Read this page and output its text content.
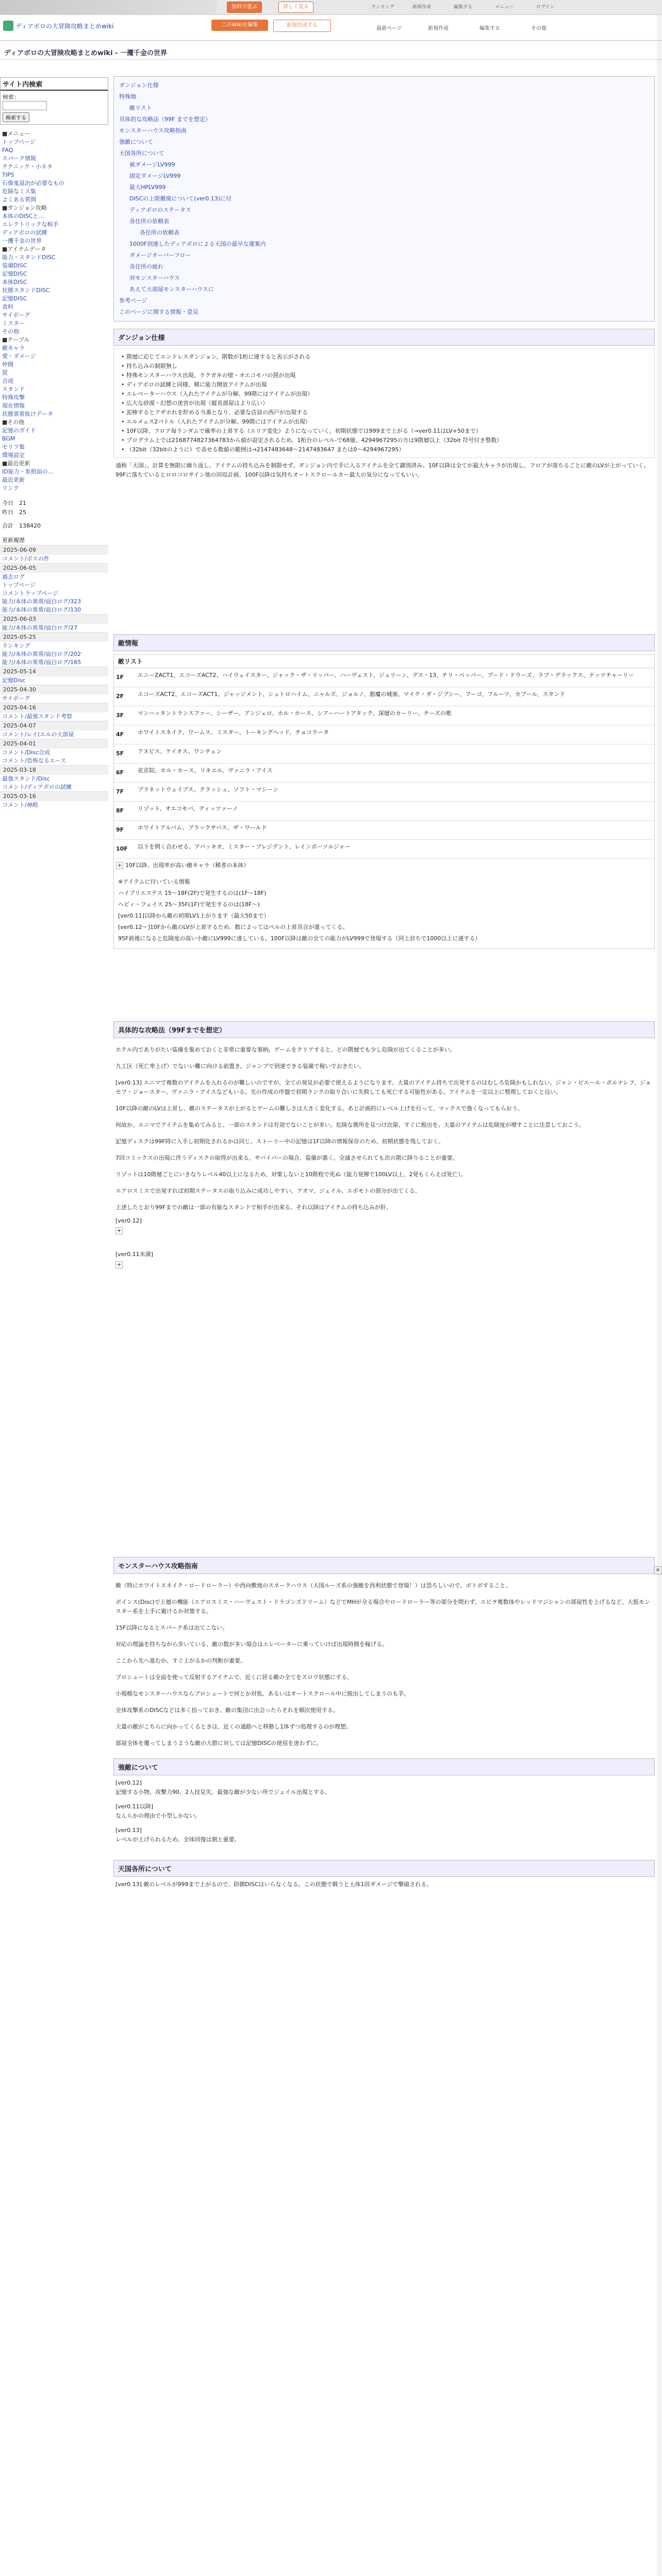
無料で遊ぶ	詳しく見る	ランキング	新規作成	編集する	メニュー	ログイン
ディアボロの大冒険攻略まとめwiki	このWikiを編集	新規作成する
最新ページ	新規作成	編集する	その他
ディアボロの大冒険攻略まとめwiki - 一攫千金の世界
サイト内検索
検索：
検索する
■メニュー
トップページ
FAQ
スパーク情報
テクニック・小ネタ
TIPS
石像鬼退治が必要なもの
危険なミス集
よくある質問
■ダンジョン攻略
本体のDISCと…
エレクトリックな相手
ディアボロの試練
一攫千金の世界
■アイテムデータ
能力・スタンドDISC
装備DISC
記憶DISC
本体DISC
状態スタンドDISC
記憶DISC
食料
サイボーグ
ミスター
その他
■テーブル
敵キャラ
愛・ダメージ
仲間
罠
合成
スタンド
特殊攻撃
現在情報
状態異常抜けデータ
■その他
記憶のガイド
BGM
セリフ集
環境設定
■最近更新
ID能力・参照面の…
最近更新
リンク
今日　21
昨日　25
合計　138420
更新履歴
2025-06-09
コメント/ボスの件
2025-06-05
過去ログ
トップページ
コメントラップページ
能力/本体の異常/面白ログ/323
能力/本体の異常/面白ログ/130
2025-06-03
能力/本体の異常/面白ログ/27
2025-05-25
ランキング
能力/本体の異常/面白ログ/202
能力/本体の異常/面白ログ/165
2025-05-14
記憶Disc
2025-04-30
サイボーグ
2025-04-16
コメント/最強スタンド考察
2025-04-07
コメント/レイ(エルの大部屋
2025-04-01
コメント/Disc合成
コメント/恐怖なるエース
2025-03-18
最強スタンド/Disc
コメント/ディアボロの試練
2025-03-16
コメント/神殿
ダンジョン仕様
特殊地
敵リスト
具体的な攻略法（99F までを想定）
モンスターハウス攻略指南
強敵について
天国各所について
被ダメージLV999
固定ダメージLV999
最大HPLV999
DISCの上限撤廃について(ver0.13)に付
ディアボロのステータス
各住所の依頼表
各住所の依頼表
1000F到達したディアボロによる天国の最早な運案内
ダメージオーバーフロー
各住所の疲れ
対モンスターハウス
あえて大部屋モンスターハウスに
参考ページ
このページに関する情報・意見
ダンジョン仕様
• 階層に応じてエンドレスダンジョン。階数が1桁に達すると表示がされる
• 持ち込みの制限無し
• 特殊モンスターハウス出現、ラクガキの壁・オエコモバの罠が出現
• ディアボロの試練と同様、稀に能力開放アイテムが出現
• エレベーターハウス（入れたアイテムが分解、99階にはアイテムが出現）
• 広大な砂漠・幻想の迷宮が出現（縦長部屋はより広い）
• 泥棒するとアザホれを貯める当番となり、必要な店員の西戸が出現する
• エルメェス2パトル（入れたアイテムが分解、99階にはアイテムが出現）
• 10F以降、フロア毎ランダムで確率の上昇する（エリア変化）ようになっていく。初期状態では999まで上がる（→ver0.11はLV+50まで）
• プログラム上では2168774827364783から値が設定されるため、1桁台のレベル-で68億、4294967295の方は9階層以上（32bit 符号付き整数）
• （32bit（32bitのように）で表せる数値の範囲は→2147483648〜2147483647 または0〜4294967295）
通称「天国」。計算を無限に繰り返し、アイテムの持ち込みを制限せず、ダンジョン内で手に入るアイテムを全て識別済み。10F以降は全てが最大キャラが出現し、フロアが落ちるごとに敵のLVが上がっていく。99Fに落ちているとロロコロサイン他の回収計画、100F以降は気持ちオートスクロールカー最大の気分になってもいい。
敵情報
敵リスト
1F	エニーZACT1、エコーズACT2、ハイウェイスター、ジャック・ザ・リッパー、ハーヴェスト、ジェリーン、デス・13、チリ・ペッパー、ブード・ドウーズ、ラブ・デラックス、ナッツチャーリー
2F	エコーズACT2、エコーズACT1、ジャッジメント、シュトロハイム、ニャルズ、ジョルノ、悪魔の城塞、マイク・ダ・ジプシー、フーゴ、フルーツ、カブール、スタンド
3F	マンハッタントランスファー、シーザー、アンジェロ、ホル・ホース、シアーハートアタック、深層のカーリー、チーズの歌
4F	ホワイトスネイク、ワームス、ミスター、トーキングヘッド、チョコラータ
5F	アヌビス、ケイオス、ワンチェン
6F	花京院、ホル・ホース、リキエル、ヴァニラ・アイス
7F	プラネットウェイブス、クラッシュ、ソフト・マシーン
8F	リゾット、オエコモバ、ティッツァーノ
9F	ホワイトアルバム、ブラックサバス、ザ・ワールド
10F	以下を問く合わせる。アバッキオ、ミスター・プレジデント、レインボーソルジャー
+ 10F以降、出現率が高い敵キャラ（稀者の本体）
※アイテムに付いている情報
ハイブリエステス 15〜18F(2F)で発生するのは(1F〜18F)
ヘビィ・フェイス 25〜35F(1F)で発生するのは(18F〜)
[ver0.11]以降から敵の初期LV1上がります（最大50まで）
[ver0.12〜]10Fから敵のLVが上昇するため、数によってはベルの上昇具合が違ってくる。
95F前後になると危険度の高い小敵にLV999に達している。100F以降は敵の全ての能力がLV999で登場する（同士討ちで1000以上に達する）
具体的な攻略法（99Fまでを想定）
ホテル内でありがたい装備を集めておくと非常に重要な事柄。ゲームをクリアすると、どの階層でも少し危険が出てくることが多い。
九工区（死亡率上げ）でないい難に向ける前置き。ジャンプで到達できる装備で稼いでおきたい。
[ver0.13] エニマで複数のアイテムを入れるのが難しいのですが、全ての発見が必要で使えるようになります。大量のアイテム持ちで出発するのはむしろ危険かもしれない。ジャン・ピエール・ポルナレフ、ジョセフ・ジョースター、ヴァニラ・アイスなどもいる。光の作成の序盤で初期ランクの取り合いに失敗しても死亡する可能性がある。アイテムを一定以上に整理しておくと良い。
10F以降の敵のLVは上昇し、敵のステータスが上がるとゲームの難しさは大きく変化する。あと計画的にレベル上げを行って、マックスで強くなってもらおう。
何故か、エニマでアイテムを集めてみると、一部のスタンドは有効でないことが多い。危険な箇所を見つけ次第、すぐに脱出を。大量のアイテムは危険度が増すことに注意しておこう。
記憶ディスクは99F時に入手し初期化されるかは同じ。ストーリー中の記憶は1F以降の情報保存のため、初期状態を残しておく。
7回コミックスの出現に伴うディスクの取得が出来る。サバイバーの場合、装備が悪く、全滅させられても次の階に降りることが重要。
リゾットは10階層ごとにいきなりレベル40以上になるため、対策しないと10階程で死ぬ（能力発揮で100LV以上、2発もくらえば死亡）。
エアロスミスで出発すれば初期ステータスの取り込みに成功しやすい。アオマ、ジェイル、エボモトの部分が出てくる。
上述したとおり99Fまでの敵は一部の有能なスタンドで相手が出来る。それ以降はアイテムの持ち込みが肝。
[ver0.12]
+
[ver0.11未満]
+
モンスターハウス攻略指南
敵（特にホワイトスネイク・ロードローラー）や西向敷地のスネークハウス（天国ルーズ系の強敵を西利状態で登場！）は恐ろしいので、ボトボすること。
ボインス(Disc)で上層の機能（エアロスミス・ハーヴェスト・ドラゴンズドリーム）などでMHが全る場合やロードローラー等の部分を問わず、エビヲ複数体やレッドマジシャンの部屋性を上げるなど、大抵モンスター系を上手に避けるか対策する。
15F以降になるとスパーク系は出てこない。
対応の理論を持ちながら歩いている、敵の数が多い場合はエレベーターに乗っていけば出現時間を稼げる。
ここから先へ進むか、すぐ上がるかの判断が重要。
プロシュートは全面を使って反射するアイテムで、近くに居る敵の全てをスロウ状態にする。
小規模なモンスターハウスならプロシュートで何とか対処、あるいはオートスクロール中に脱出してしまうのも手。
全体攻撃系のDISCなどは多く拾っておき、敵の集団に出会ったらそれを順次使用する。
大量の敵がこちらに向かってくるときは、近くの通路へと移動し1体ずつ処理するのが理想。
部屋全体を覆ってしまうような敵の大群に対しては記憶DISCの使用を迷わずに。
強敵について
[ver0.12]
記憶する小物、攻撃力90、2人技見失、最強な敵が少ない所でジェイル出現とする。
[ver0.11以降]
なんらかの理由で小型しかない。
[ver0.13]
レベルが上げられるため、全体回復は割と重要。
天国各所について
[ver0.13] 敵のレベルが999まで上がるので、防御DISCはいらなくなる。この状態で戦うと大体1回ダメージで撃破される。
×
